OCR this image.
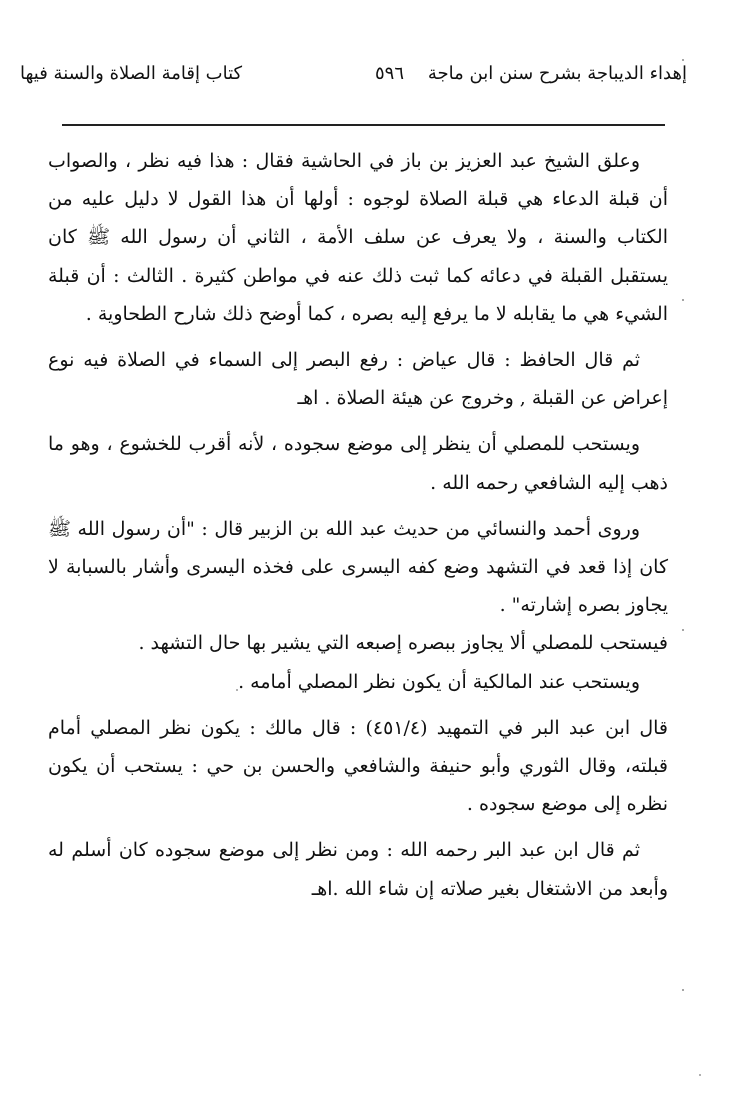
إهداء الديباجة بشرح سنن ابن ماجة
٥٩٦
كتاب إقامة الصلاة والسنة فيها

وعلق الشيخ عبد العزيز بن باز في الحاشية فقال : هذا فيه نظر ، والصواب أن قبلة الدعاء هي قبلة الصلاة لوجوه : أولها أن هذا القول لا دليل عليه من الكتاب والسنة ، ولا يعرف عن سلف الأمة ، الثاني أن رسول الله ﷺ كان يستقبل القبلة في دعائه كما ثبت ذلك عنه في مواطن كثيرة . الثالث : أن قبلة الشيء هي ما يقابله لا ما يرفع إليه بصره ، كما أوضح ذلك شارح الطحاوية .

ثم قال الحافظ : قال عياض : رفع البصر إلى السماء في الصلاة فيه نوع إعراض عن القبلة , وخروج عن هيئة الصلاة . اهـ

ويستحب للمصلي أن ينظر إلى موضع سجوده ، لأنه أقرب للخشوع ، وهو ما ذهب إليه الشافعي رحمه الله .

وروى أحمد والنسائي من حديث عبد الله بن الزبير قال : "أن رسول الله ﷺ كان إذا قعد في التشهد وضع كفه اليسرى على فخذه اليسرى وأشار بالسبابة لا يجاوز بصره إشارته" .

فيستحب للمصلي ألا يجاوز ببصره إصبعه التي يشير بها حال التشهد .

ويستحب عند المالكية أن يكون نظر المصلي أمامه .

قال ابن عبد البر في التمهيد (٤٥١/٤) : قال مالك : يكون نظر المصلي أمام قبلته، وقال الثوري وأبو حنيفة والشافعي والحسن بن حي : يستحب أن يكون نظره إلى موضع سجوده .

ثم قال ابن عبد البر رحمه الله : ومن نظر إلى موضع سجوده كان أسلم له وأبعد من الاشتغال بغير صلاته إن شاء الله .اهـ
